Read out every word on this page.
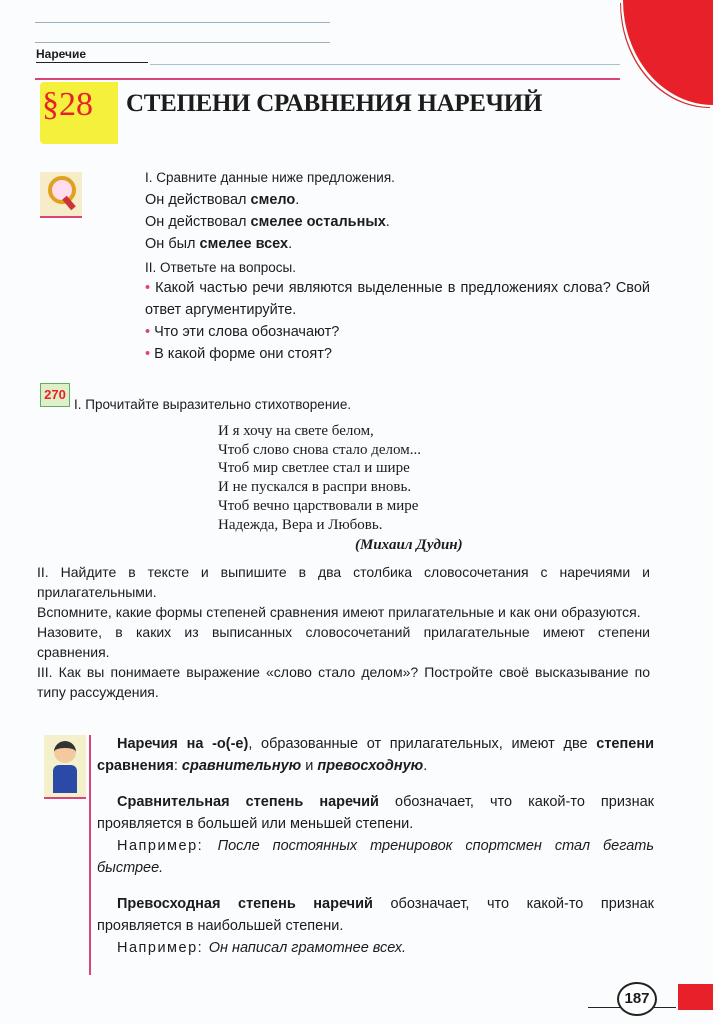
Наречие
§28 СТЕПЕНИ СРАВНЕНИЯ НАРЕЧИЙ
I. Сравните данные ниже предложения.
Он действовал смело.
Он действовал смелее остальных.
Он был смелее всех.
II. Ответьте на вопросы.
• Какой частью речи являются выделенные в предложениях слова? Свой ответ аргументируйте.
• Что эти слова обозначают?
• В какой форме они стоят?
270
I. Прочитайте выразительно стихотворение.
И я хочу на свете белом,
Чтоб слово снова стало делом...
Чтоб мир светлее стал и шире
И не пускался в распри вновь.
Чтоб вечно царствовали в мире
Надежда, Вера и Любовь.
(Михаил Дудин)
II. Найдите в тексте и выпишите в два столбика словосочетания с наречиями и прилагательными.
Вспомните, какие формы степеней сравнения имеют прилагательные и как они образуются.
Назовите, в каких из выписанных словосочетаний прилагательные имеют степени сравнения.
III. Как вы понимаете выражение «слово стало делом»? Постройте своё высказывание по типу рассуждения.
Наречия на -о(-е), образованные от прилагательных, имеют две степени сравнения: сравнительную и превосходную.
Сравнительная степень наречий обозначает, что какой-то признак проявляется в большей или меньшей степени.
Например: После постоянных тренировок спортсмен стал бегать быстрее.
Превосходная степень наречий обозначает, что какой-то признак проявляется в наибольшей степени.
Например: Он написал грамотнее всех.
187
